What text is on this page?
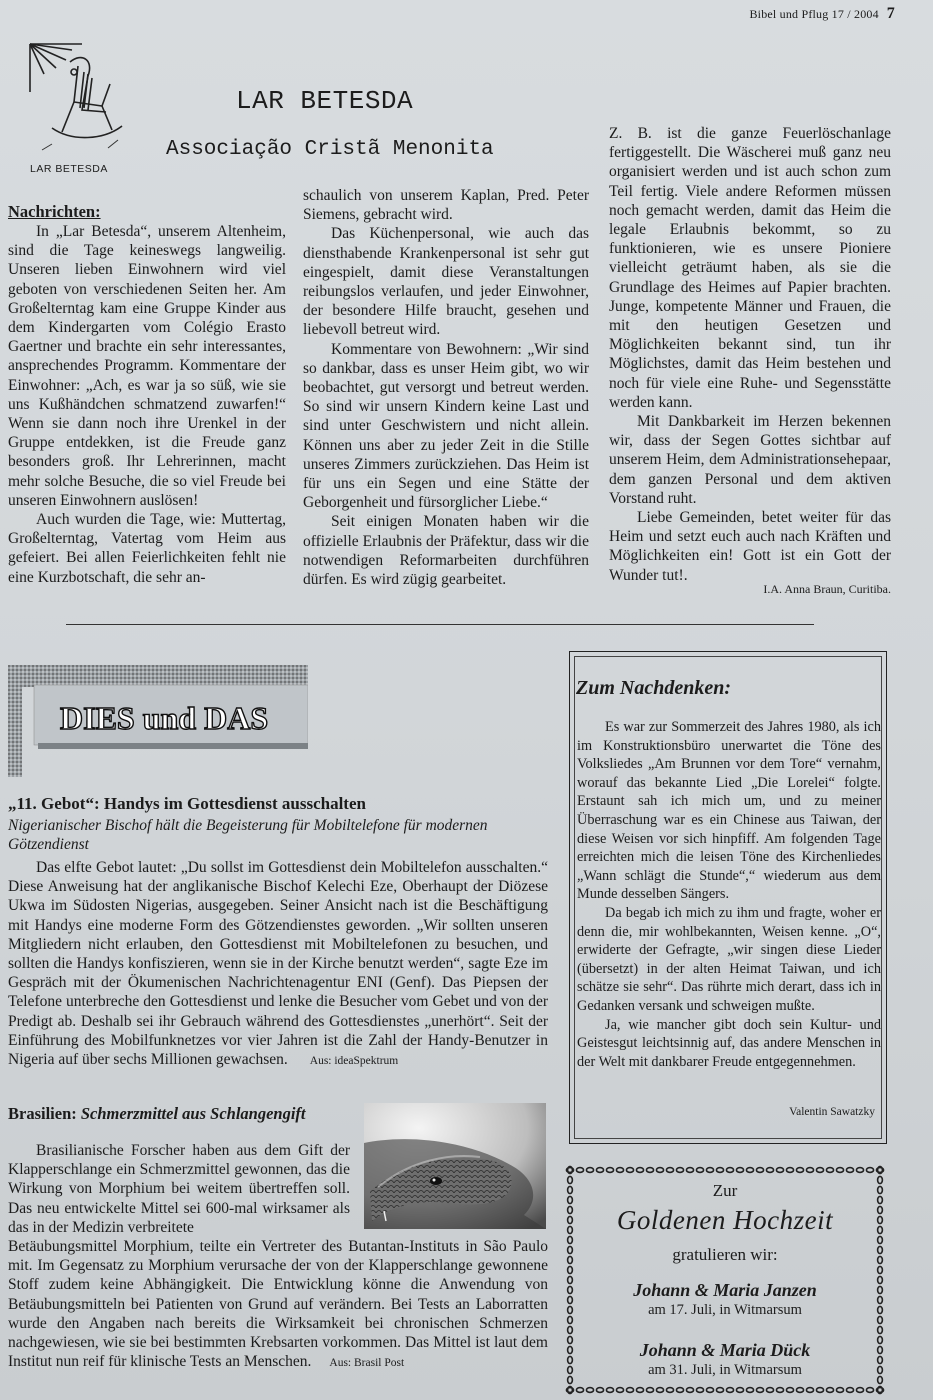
Bibel und Pflug 17 / 2004 7
LAR BETESDA
LAR BETESDA
Associação Cristã Menonita
Nachrichten:

In „Lar Betesda“, unserem Altenheim, sind die Tage keineswegs langweilig. Unseren lieben Einwohnern wird viel geboten von verschiedenen Seiten her. Am Großelterntag kam eine Gruppe Kinder aus dem Kindergarten vom Colégio Erasto Gaertner und brachte ein sehr interessantes, ansprechendes Programm. Kommentare der Einwohner: „Ach, es war ja so süß, wie sie uns Kußhändchen schmatzend zuwarfen!“ Wenn sie dann noch ihre Urenkel in der Gruppe entdekken, ist die Freude ganz besonders groß. Ihr Lehrerinnen, macht mehr solche Besuche, die so viel Freude bei unseren Einwohnern auslösen!

Auch wurden die Tage, wie: Muttertag, Großelterntag, Vatertag vom Heim aus gefeiert. Bei allen Feierlichkeiten fehlt nie eine Kurzbotschaft, die sehr an-

schaulich von unserem Kaplan, Pred. Peter Siemens, gebracht wird.

Das Küchenpersonal, wie auch das diensthabende Krankenpersonal ist sehr gut eingespielt, damit diese Veranstaltungen reibungslos verlaufen, und jeder Einwohner, der besondere Hilfe braucht, gesehen und liebevoll betreut wird.

Kommentare von Bewohnern: „Wir sind so dankbar, dass es unser Heim gibt, wo wir beobachtet, gut versorgt und betreut werden. So sind wir unsern Kindern keine Last und sind unter Geschwistern und nicht allein. Können uns aber zu jeder Zeit in die Stille unseres Zimmers zurückziehen. Das Heim ist für uns ein Segen und eine Stätte der Geborgenheit und fürsorglicher Liebe.“

Seit einigen Monaten haben wir die offizielle Erlaubnis der Präfektur, dass wir die notwendigen Reformarbeiten durchführen dürfen. Es wird zügig gearbeitet.

Z. B. ist die ganze Feuerlöschanlage fertiggestellt. Die Wäscherei muß ganz neu organisiert werden und ist auch schon zum Teil fertig. Viele andere Reformen müssen noch gemacht werden, damit das Heim die legale Erlaubnis bekommt, so zu funktionieren, wie es unsere Pioniere vielleicht geträumt haben, als sie die Grundlage des Heimes auf Papier brachten. Junge, kompetente Männer und Frauen, die mit den heutigen Gesetzen und Möglichkeiten bekannt sind, tun ihr Möglichstes, damit das Heim bestehen und noch für viele eine Ruhe- und Segensstätte werden kann.

Mit Dankbarkeit im Herzen bekennen wir, dass der Segen Gottes sichtbar auf unserem Heim, dem Administrationsehepaar, dem ganzen Personal und dem aktiven Vorstand ruht.

Liebe Gemeinden, betet weiter für das Heim und setzt euch auch nach Kräften und Möglichkeiten ein! Gott ist ein Gott der Wunder tut!.

I.A. Anna Braun, Curitiba.
DIES und DAS
„11. Gebot“: Handys im Gottesdienst ausschalten
Nigerianischer Bischof hält die Begeisterung für Mobiltelefone für modernen Götzendienst

Das elfte Gebot lautet: „Du sollst im Gottesdienst dein Mobiltelefon ausschalten.“ Diese Anweisung hat der anglikanische Bischof Kelechi Eze, Oberhaupt der Diözese Ukwa im Südosten Nigerias, ausgegeben. Seiner Ansicht nach ist die Beschäftigung mit Handys eine moderne Form des Götzendienstes geworden. „Wir sollten unseren Mitgliedern nicht erlauben, den Gottesdienst mit Mobiltelefonen zu besuchen, und sollten die Handys konfiszieren, wenn sie in der Kirche benutzt werden“, sagte Eze im Gespräch mit der Ökumenischen Nachrichtenagentur ENI (Genf). Das Piepsen der Telefone unterbreche den Gottesdienst und lenke die Besucher vom Gebet und von der Predigt ab. Deshalb sei ihr Gebrauch während des Gottesdienstes „unerhört“. Seit der Einführung des Mobilfunknetzes vor vier Jahren ist die Zahl der Handy-Benutzer in Nigeria auf über sechs Millionen gewachsen. Aus: ideaSpektrum

Brasilien: Schmerzmittel aus Schlangengift

Brasilianische Forscher haben aus dem Gift der Klapperschlange ein Schmerzmittel gewonnen, das die Wirkung von Morphium bei weitem übertreffen soll. Das neu entwickelte Mittel sei 600-mal wirksamer als das in der Medizin verbreitete

Betäubungsmittel Morphium, teilte ein Vertreter des Butantan-Instituts in São Paulo mit. Im Gegensatz zu Morphium verursache der von der Klapperschlange gewonnene Stoff zudem keine Abhängigkeit. Die Entwicklung könne die Anwendung von Betäubungsmitteln bei Patienten von Grund auf verändern. Bei Tests an Laborratten wurde den Angaben nach bereits die Wirksamkeit bei chronischen Schmerzen nachgewiesen, wie sie bei bestimmten Krebsarten vorkommen. Das Mittel ist laut dem Institut nun reif für klinische Tests an Menschen. Aus: Brasil Post

Zum Nachdenken:

Es war zur Sommerzeit des Jahres 1980, als ich im Konstruktionsbüro unerwartet die Töne des Volksliedes „Am Brunnen vor dem Tore“ vernahm, worauf das bekannte Lied „Die Lorelei“ folgte. Erstaunt sah ich mich um, und zu meiner Überraschung war es ein Chinese aus Taiwan, der diese Weisen vor sich hinpfiff. Am folgenden Tage erreichten mich die leisen Töne des Kirchenliedes „Wann schlägt die Stunde“,“ wiederum aus dem Munde desselben Sängers.

Da begab ich mich zu ihm und fragte, woher er denn die, mir wohlbekannten, Weisen kenne. „O“, erwiderte der Gefragte, „wir singen diese Lieder (übersetzt) in der alten Heimat Taiwan, und ich schätze sie sehr“. Das rührte mich derart, dass ich in Gedanken versank und schweigen mußte.

Ja, wie mancher gibt doch sein Kultur- und Geistesgut leichtsinnig auf, das andere Menschen in der Welt mit dankbarer Freude entgegennehmen.

Valentin Sawatzky
Zur
Goldenen Hochzeit
gratulieren wir:
Johann & Maria Janzen
am 17. Juli, in Witmarsum
Johann & Maria Dück
am 31. Juli, in Witmarsum
